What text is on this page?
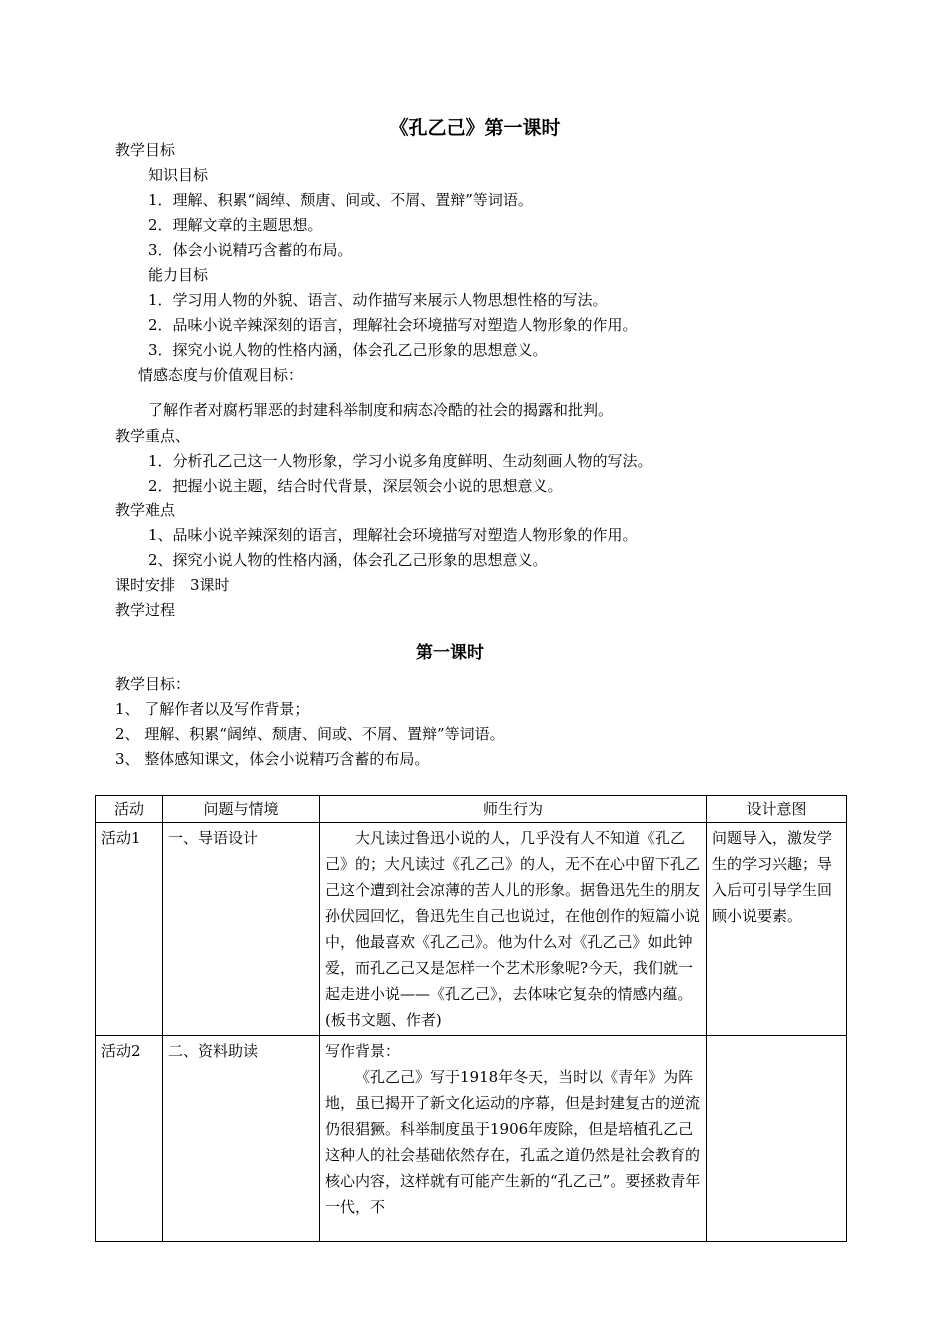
《孔乙己》第一课时
教学目标
知识目标
1．理解、积累“阔绰、颓唐、间或、不屑、置辩”等词语。
2．理解文章的主题思想。
3．体会小说精巧含蓄的布局。
能力目标
1．学习用人物的外貌、语言、动作描写来展示人物思想性格的写法。
2．品味小说辛辣深刻的语言，理解社会环境描写对塑造人物形象的作用。
3．探究小说人物的性格内涵，体会孔乙己形象的思想意义。
情感态度与价值观目标：
了解作者对腐朽罪恶的封建科举制度和病态冷酷的社会的揭露和批判。
教学重点、
1．分析孔乙己这一人物形象，学习小说多角度鲜明、生动刻画人物的写法。
2．把握小说主题，结合时代背景，深层领会小说的思想意义。
教学难点
1、品味小说辛辣深刻的语言，理解社会环境描写对塑造人物形象的作用。
2、探究小说人物的性格内涵，体会孔乙己形象的思想意义。
课时安排　3课时
教学过程
第一课时
教学目标：
1、 了解作者以及写作背景；
2、 理解、积累“阔绰、颓唐、间或、不屑、置辩”等词语。
3、 整体感知课文，体会小说精巧含蓄的布局。
活动	问题与情境	师生行为	设计意图
活动1	一、导语设计	大凡读过鲁迅小说的人，几乎没有人不知道《孔乙己》的；大凡读过《孔乙己》的人，无不在心中留下孔乙己这个遭到社会凉薄的苦人儿的形象。据鲁迅先生的朋友孙伏园回忆，鲁迅先生自己也说过，在他创作的短篇小说中，他最喜欢《孔乙己》。他为什么对《孔乙己》如此钟爱，而孔乙己又是怎样一个艺术形象呢?今天，我们就一起走进小说——《孔乙己》，去体味它复杂的情感内蕴。(板书文题、作者)	问题导入，激发学生的学习兴趣；导入后可引导学生回顾小说要素。
活动2	二、资料助读	写作背景：
《孔乙己》写于1918年冬天，当时以《青年》为阵地，虽已揭开了新文化运动的序幕，但是封建复古的逆流仍很猖獗。科举制度虽于1906年废除，但是培植孔乙己这种人的社会基础依然存在，孔孟之道仍然是社会教育的核心内容，这样就有可能产生新的“孔乙己”。要拯救青年一代，不	
